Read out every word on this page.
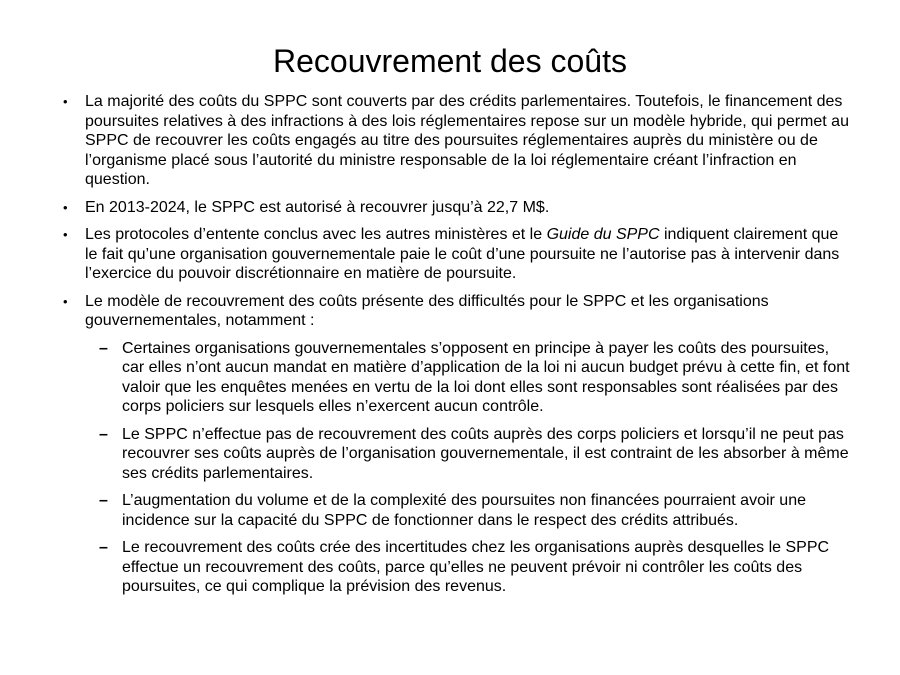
Recouvrement des coûts
•	La majorité des coûts du SPPC sont couverts par des crédits parlementaires. Toutefois, le financement des poursuites relatives à des infractions à des lois réglementaires repose sur un modèle hybride, qui permet au SPPC de recouvrer les coûts engagés au titre des poursuites réglementaires auprès du ministère ou de l’organisme placé sous l’autorité du ministre responsable de la loi réglementaire créant l’infraction en question.
•	En 2013-2024, le SPPC est autorisé à recouvrer jusqu’à 22,7 M$.
•	Les protocoles d’entente conclus avec les autres ministères et le Guide du SPPC indiquent clairement que le fait qu’une organisation gouvernementale paie le coût d’une poursuite ne l’autorise pas à intervenir dans l’exercice du pouvoir discrétionnaire en matière de poursuite.
•	Le modèle de recouvrement des coûts présente des difficultés pour le SPPC et les organisations gouvernementales, notamment :
– Certaines organisations gouvernementales s’opposent en principe à payer les coûts des poursuites, car elles n’ont aucun mandat en matière d’application de la loi ni aucun budget prévu à cette fin, et font valoir que les enquêtes menées en vertu de la loi dont elles sont responsables sont réalisées par des corps policiers sur lesquels elles n’exercent aucun contrôle.
– Le SPPC n’effectue pas de recouvrement des coûts auprès des corps policiers et lorsqu’il ne peut pas recouvrer ses coûts auprès de l’organisation gouvernementale, il est contraint de les absorber à même ses crédits parlementaires.
– L’augmentation du volume et de la complexité des poursuites non financées pourraient avoir une incidence sur la capacité du SPPC de fonctionner dans le respect des crédits attribués.
– Le recouvrement des coûts crée des incertitudes chez les organisations auprès desquelles le SPPC effectue un recouvrement des coûts, parce qu’elles ne peuvent prévoir ni contrôler les coûts des poursuites, ce qui complique la prévision des revenus.
